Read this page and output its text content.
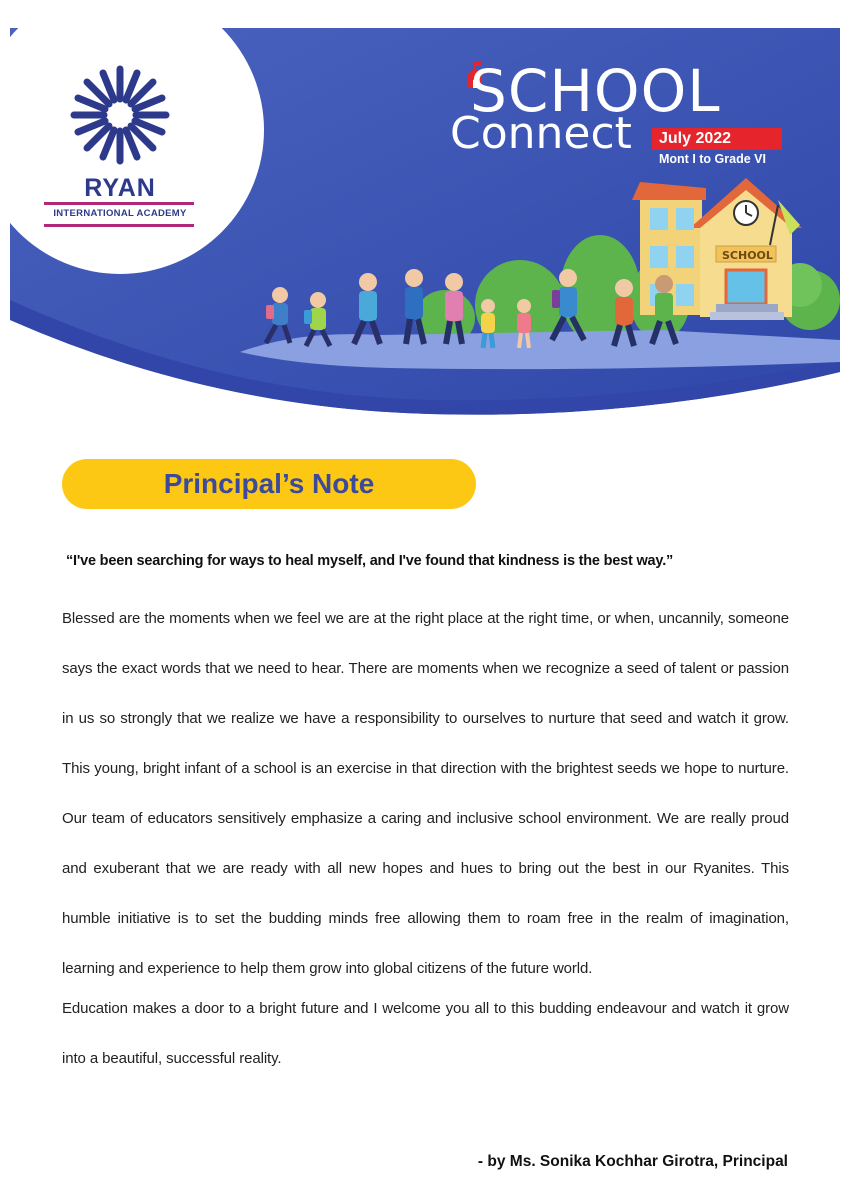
SCHOOL
RYAN
INTERNATIONAL ACADEMY
SCHOOL
Connect	July 2022
Mont I to Grade VI
Principal’s Note
“I've been searching for ways to heal myself, and I've found that kindness is the best way.”

Blessed are the moments when we feel we are at the right place at the right time, or when, uncannily, someone says the exact words that we need to hear. There are moments when we recognize a seed of talent or passion in us so strongly that we realize we have a responsibility to ourselves to nurture that seed and watch it grow. This young, bright infant of a school is an exercise in that direction with the brightest seeds we hope to nurture. Our team of educators sensitively emphasize a caring and inclusive school environment. We are really proud and exuberant that we are ready with all new hopes and hues to bring out the best in our Ryanites. This humble initiative is to set the budding minds free allowing them to roam free in the realm of imagination, learning and experience to help them grow into global citizens of the future world.

Education makes a door to a bright future and I welcome you all to this budding endeavour and watch it grow into a beautiful, successful reality.

- by Ms. Sonika Kochhar Girotra, Principal
